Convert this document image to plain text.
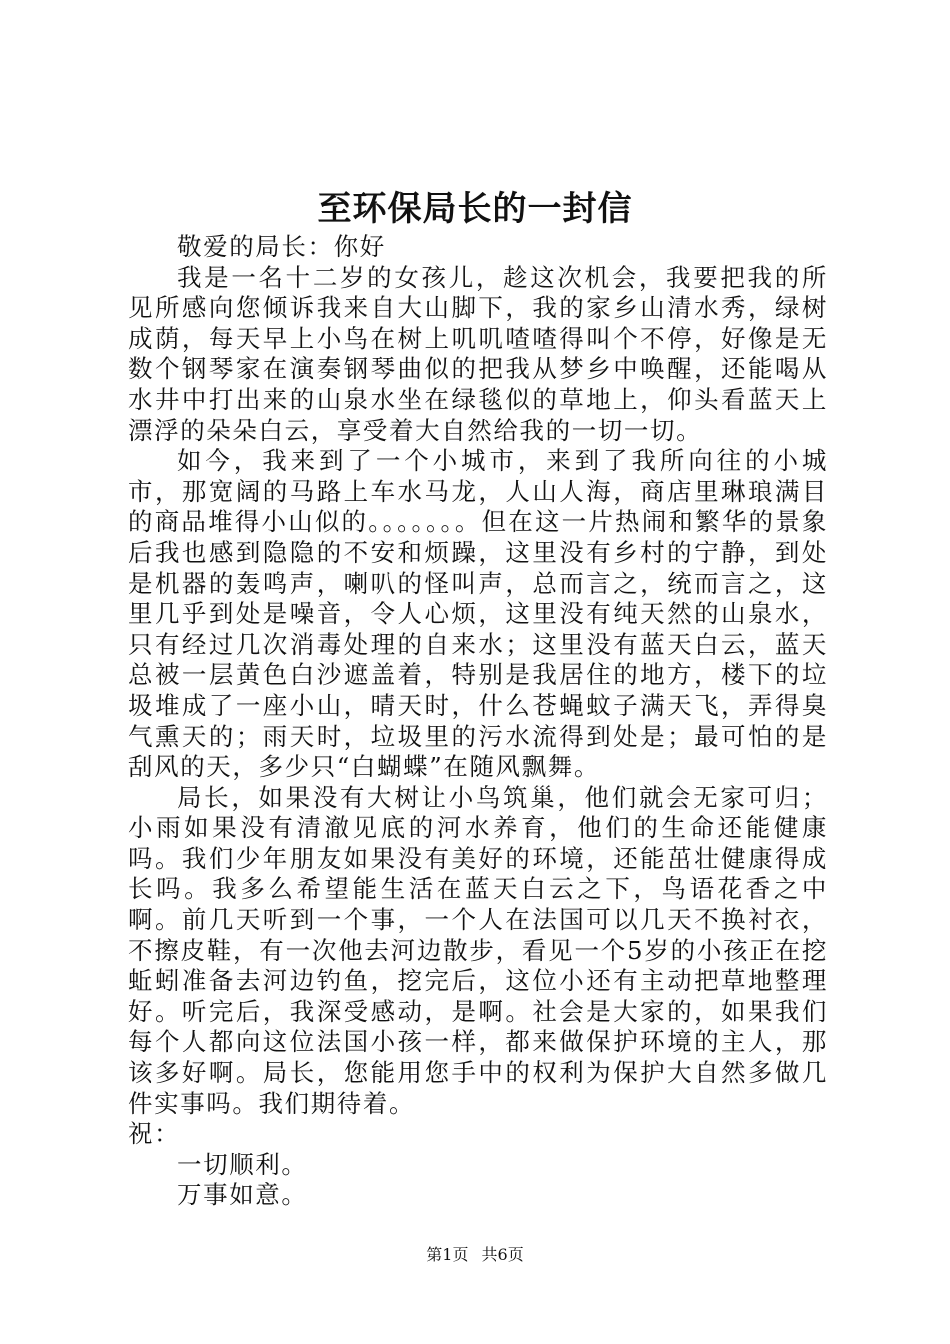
至环保局长的一封信

敬爱的局长：你好

我是一名十二岁的女孩儿，趁这次机会，我要把我的所见所感向您倾诉我来自大山脚下，我的家乡山清水秀，绿树成荫，每天早上小鸟在树上叽叽喳喳得叫个不停，好像是无数个钢琴家在演奏钢琴曲似的把我从梦乡中唤醒，还能喝从水井中打出来的山泉水坐在绿毯似的草地上，仰头看蓝天上漂浮的朵朵白云，享受着大自然给我的一切一切。

如今，我来到了一个小城市，来到了我所向往的小城市，那宽阔的马路上车水马龙，人山人海，商店里琳琅满目的商品堆得小山似的。。。。。。。但在这一片热闹和繁华的景象后我也感到隐隐的不安和烦躁，这里没有乡村的宁静，到处是机器的轰鸣声，喇叭的怪叫声，总而言之，统而言之，这里几乎到处是噪音，令人心烦，这里没有纯天然的山泉水，只有经过几次消毒处理的自来水；这里没有蓝天白云，蓝天总被一层黄色白沙遮盖着，特别是我居住的地方，楼下的垃圾堆成了一座小山，晴天时，什么苍蝇蚊子满天飞，弄得臭气熏天的；雨天时，垃圾里的污水流得到处是；最可怕的是刮风的天，多少只“白蝴蝶”在随风飘舞。

局长，如果没有大树让小鸟筑巢，他们就会无家可归；小雨如果没有清澈见底的河水养育，他们的生命还能健康吗。我们少年朋友如果没有美好的环境，还能茁壮健康得成长吗。我多么希望能生活在蓝天白云之下，鸟语花香之中啊。前几天听到一个事，一个人在法国可以几天不换衬衣，不擦皮鞋，有一次他去河边散步，看见一个5岁的小孩正在挖蚯蚓准备去河边钓鱼，挖完后，这位小还有主动把草地整理好。听完后，我深受感动，是啊。社会是大家的，如果我们每个人都向这位法国小孩一样，都来做保护环境的主人，那该多好啊。局长，您能用您手中的权利为保护大自然多做几件实事吗。我们期待着。

祝：

一切顺利。

万事如意。

第1页 共6页
